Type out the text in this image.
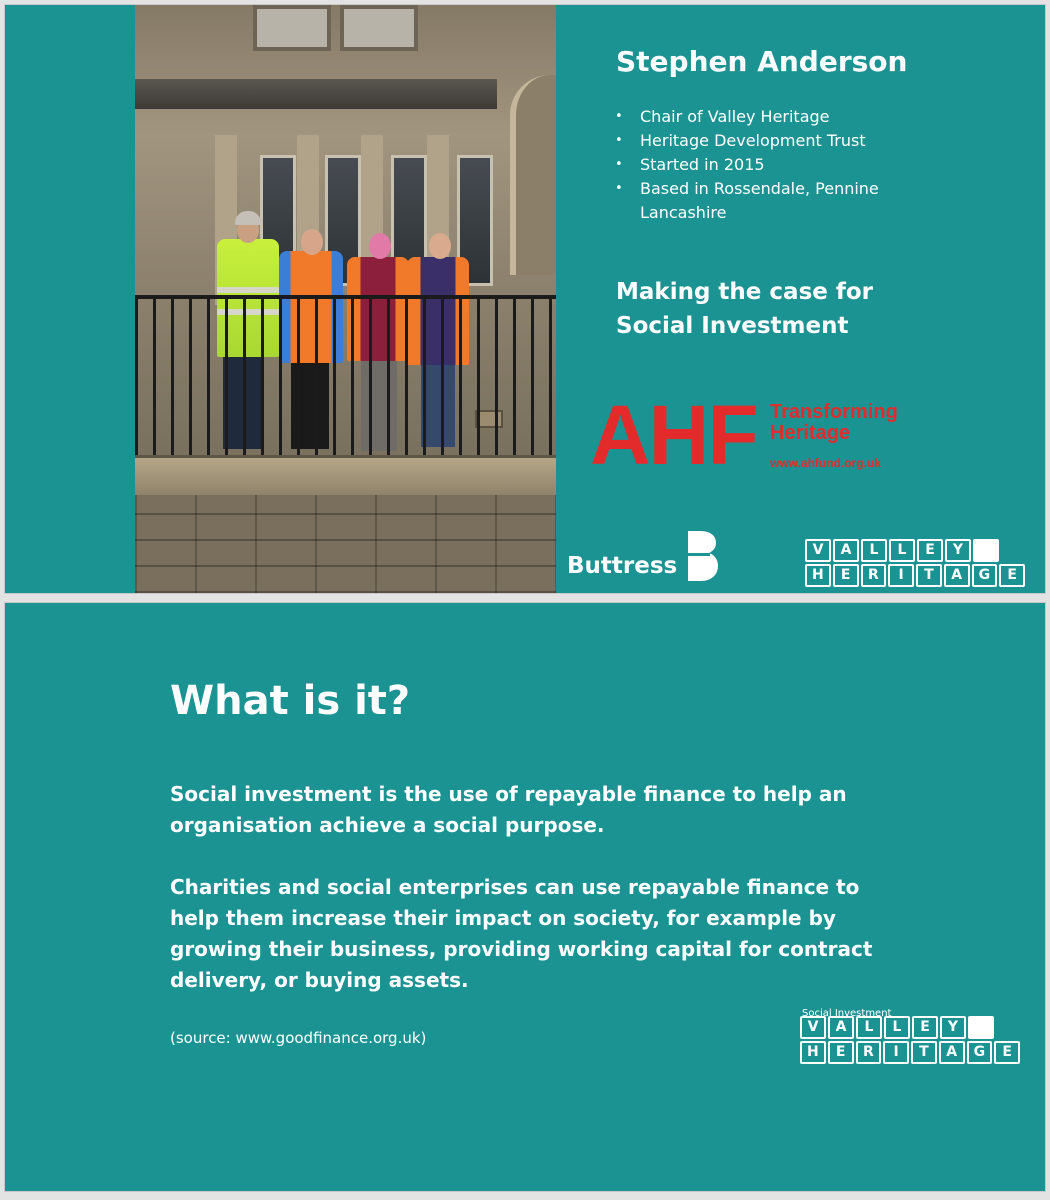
Stephen Anderson
• Chair of Valley Heritage
• Heritage Development Trust
• Started in 2015
• Based in Rossendale, Pennine Lancashire
Making the case for Social Investment
AHF Transforming Heritage
www.ahfund.org.uk
Buttress
V	A	L	L	E	Y
H	E	R	I	T	A	G	E
What is it?

Social investment is the use of repayable finance to help an organisation achieve a social purpose.

Charities and social enterprises can use repayable finance to help them increase their impact on society, for example by growing their business, providing working capital for contract delivery, or buying assets.

(source: www.goodfinance.org.uk)

Social Investment
V	A	L	L	E	Y
H	E	R	I	T	A	G	E
